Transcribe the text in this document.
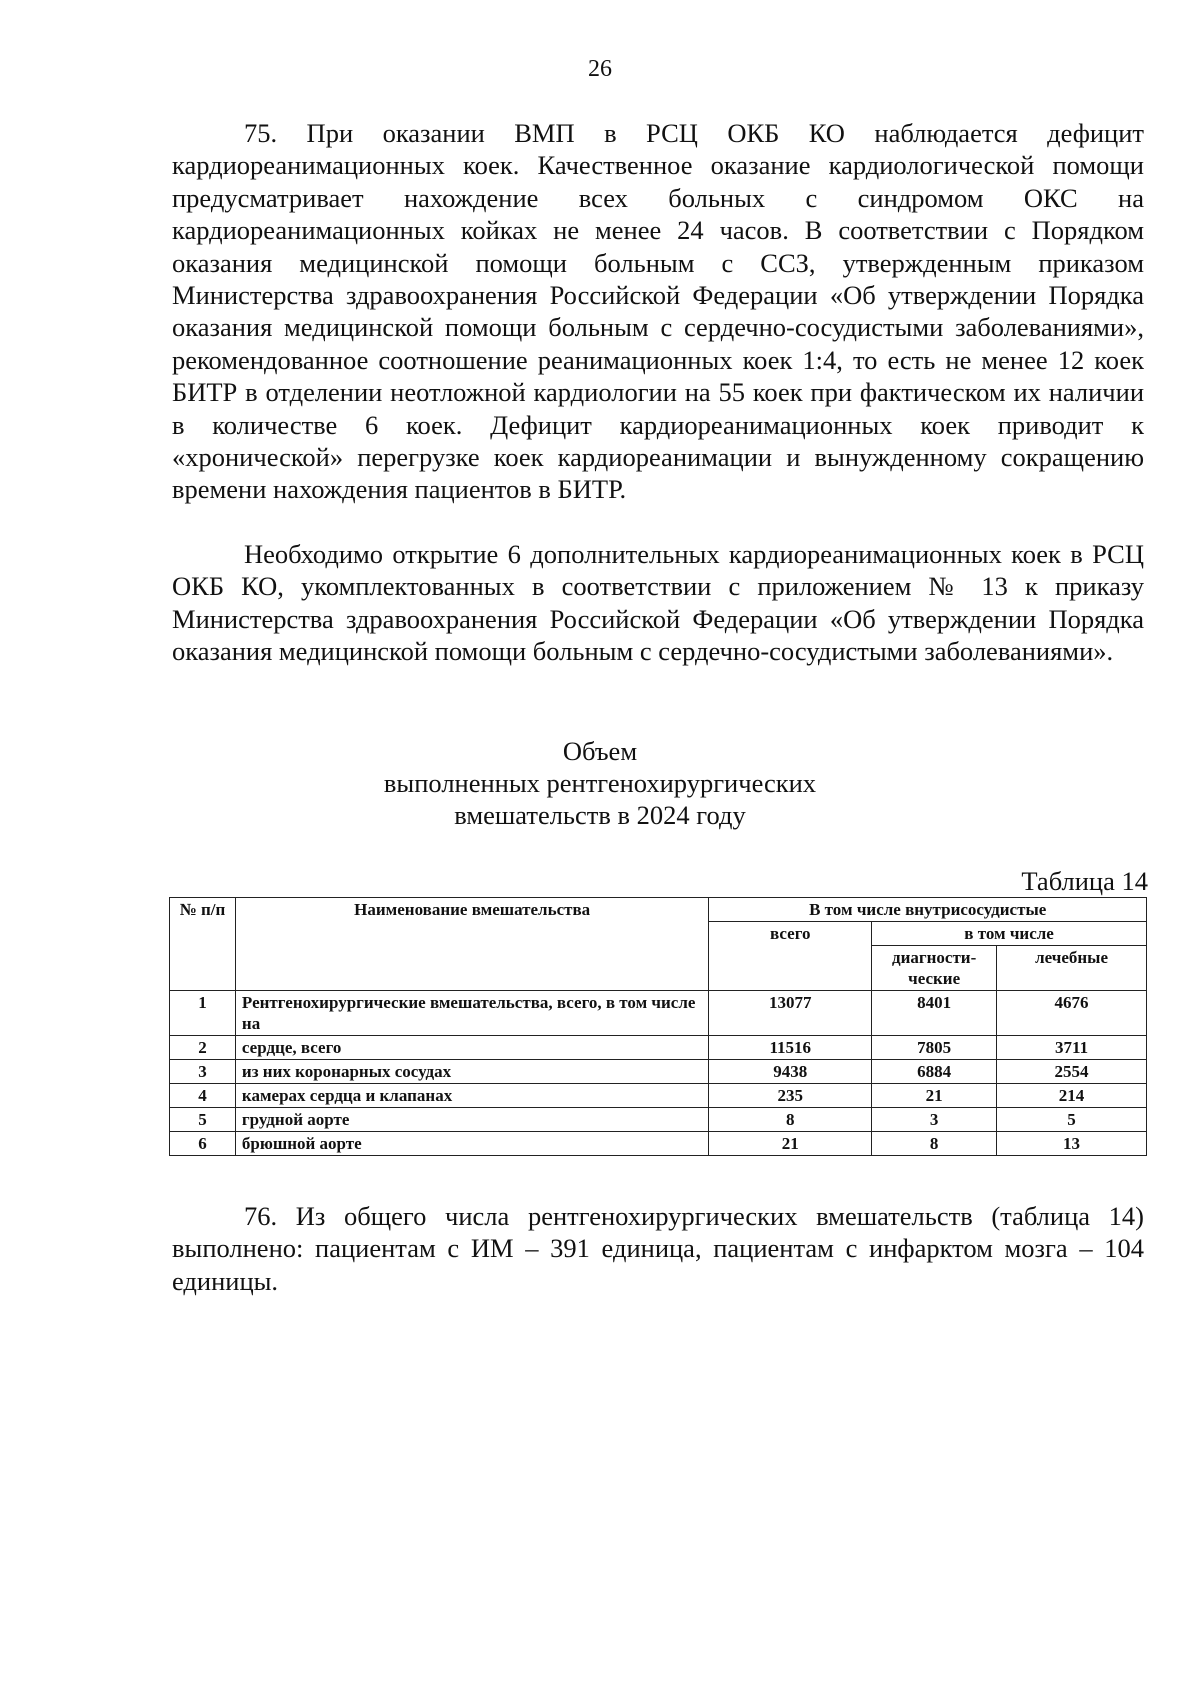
26

75. При оказании ВМП в РСЦ ОКБ КО наблюдается дефицит кардиореанимационных коек. Качественное оказание кардиологической помощи предусматривает нахождение всех больных с синдромом ОКС на кардиореанимационных койках не менее 24 часов. В соответствии с Порядком оказания медицинской помощи больным с ССЗ, утвержденным приказом Министерства здравоохранения Российской Федерации «Об утверждении Порядка оказания медицинской помощи больным с сердечно-сосудистыми заболеваниями», рекомендованное соотношение реанимационных коек 1:4, то есть не менее 12 коек БИТР в отделении неотложной кардиологии на 55 коек при фактическом их наличии в количестве 6 коек. Дефицит кардиореанимационных коек приводит к «хронической» перегрузке коек кардиореанимации и вынужденному сокращению времени нахождения пациентов в БИТР.

Необходимо открытие 6 дополнительных кардиореанимационных коек в РСЦ ОКБ КО, укомплектованных в соответствии с приложением № 13 к приказу Министерства здравоохранения Российской Федерации «Об утверждении Порядка оказания медицинской помощи больным с сердечно-сосудистыми заболеваниями».

Объем
выполненных рентгенохирургических
вмешательств в 2024 году
Таблица 14
№ п/п	Наименование вмешательства	В том числе внутрисосудистые		
		всего	в том числе	
			диагности-ческие	лечебные
1	Рентгенохирургические вмешательства, всего, в том числе на	13077	8401	4676
2	сердце, всего	11516	7805	3711
3	из них коронарных сосудах	9438	6884	2554
4	камерах сердца и клапанах	235	21	214
5	грудной аорте	8	3	5
6	брюшной аорте	21	8	13

76. Из общего числа рентгенохирургических вмешательств (таблица 14) выполнено: пациентам с ИМ – 391 единица, пациентам с инфарктом мозга – 104 единицы.
